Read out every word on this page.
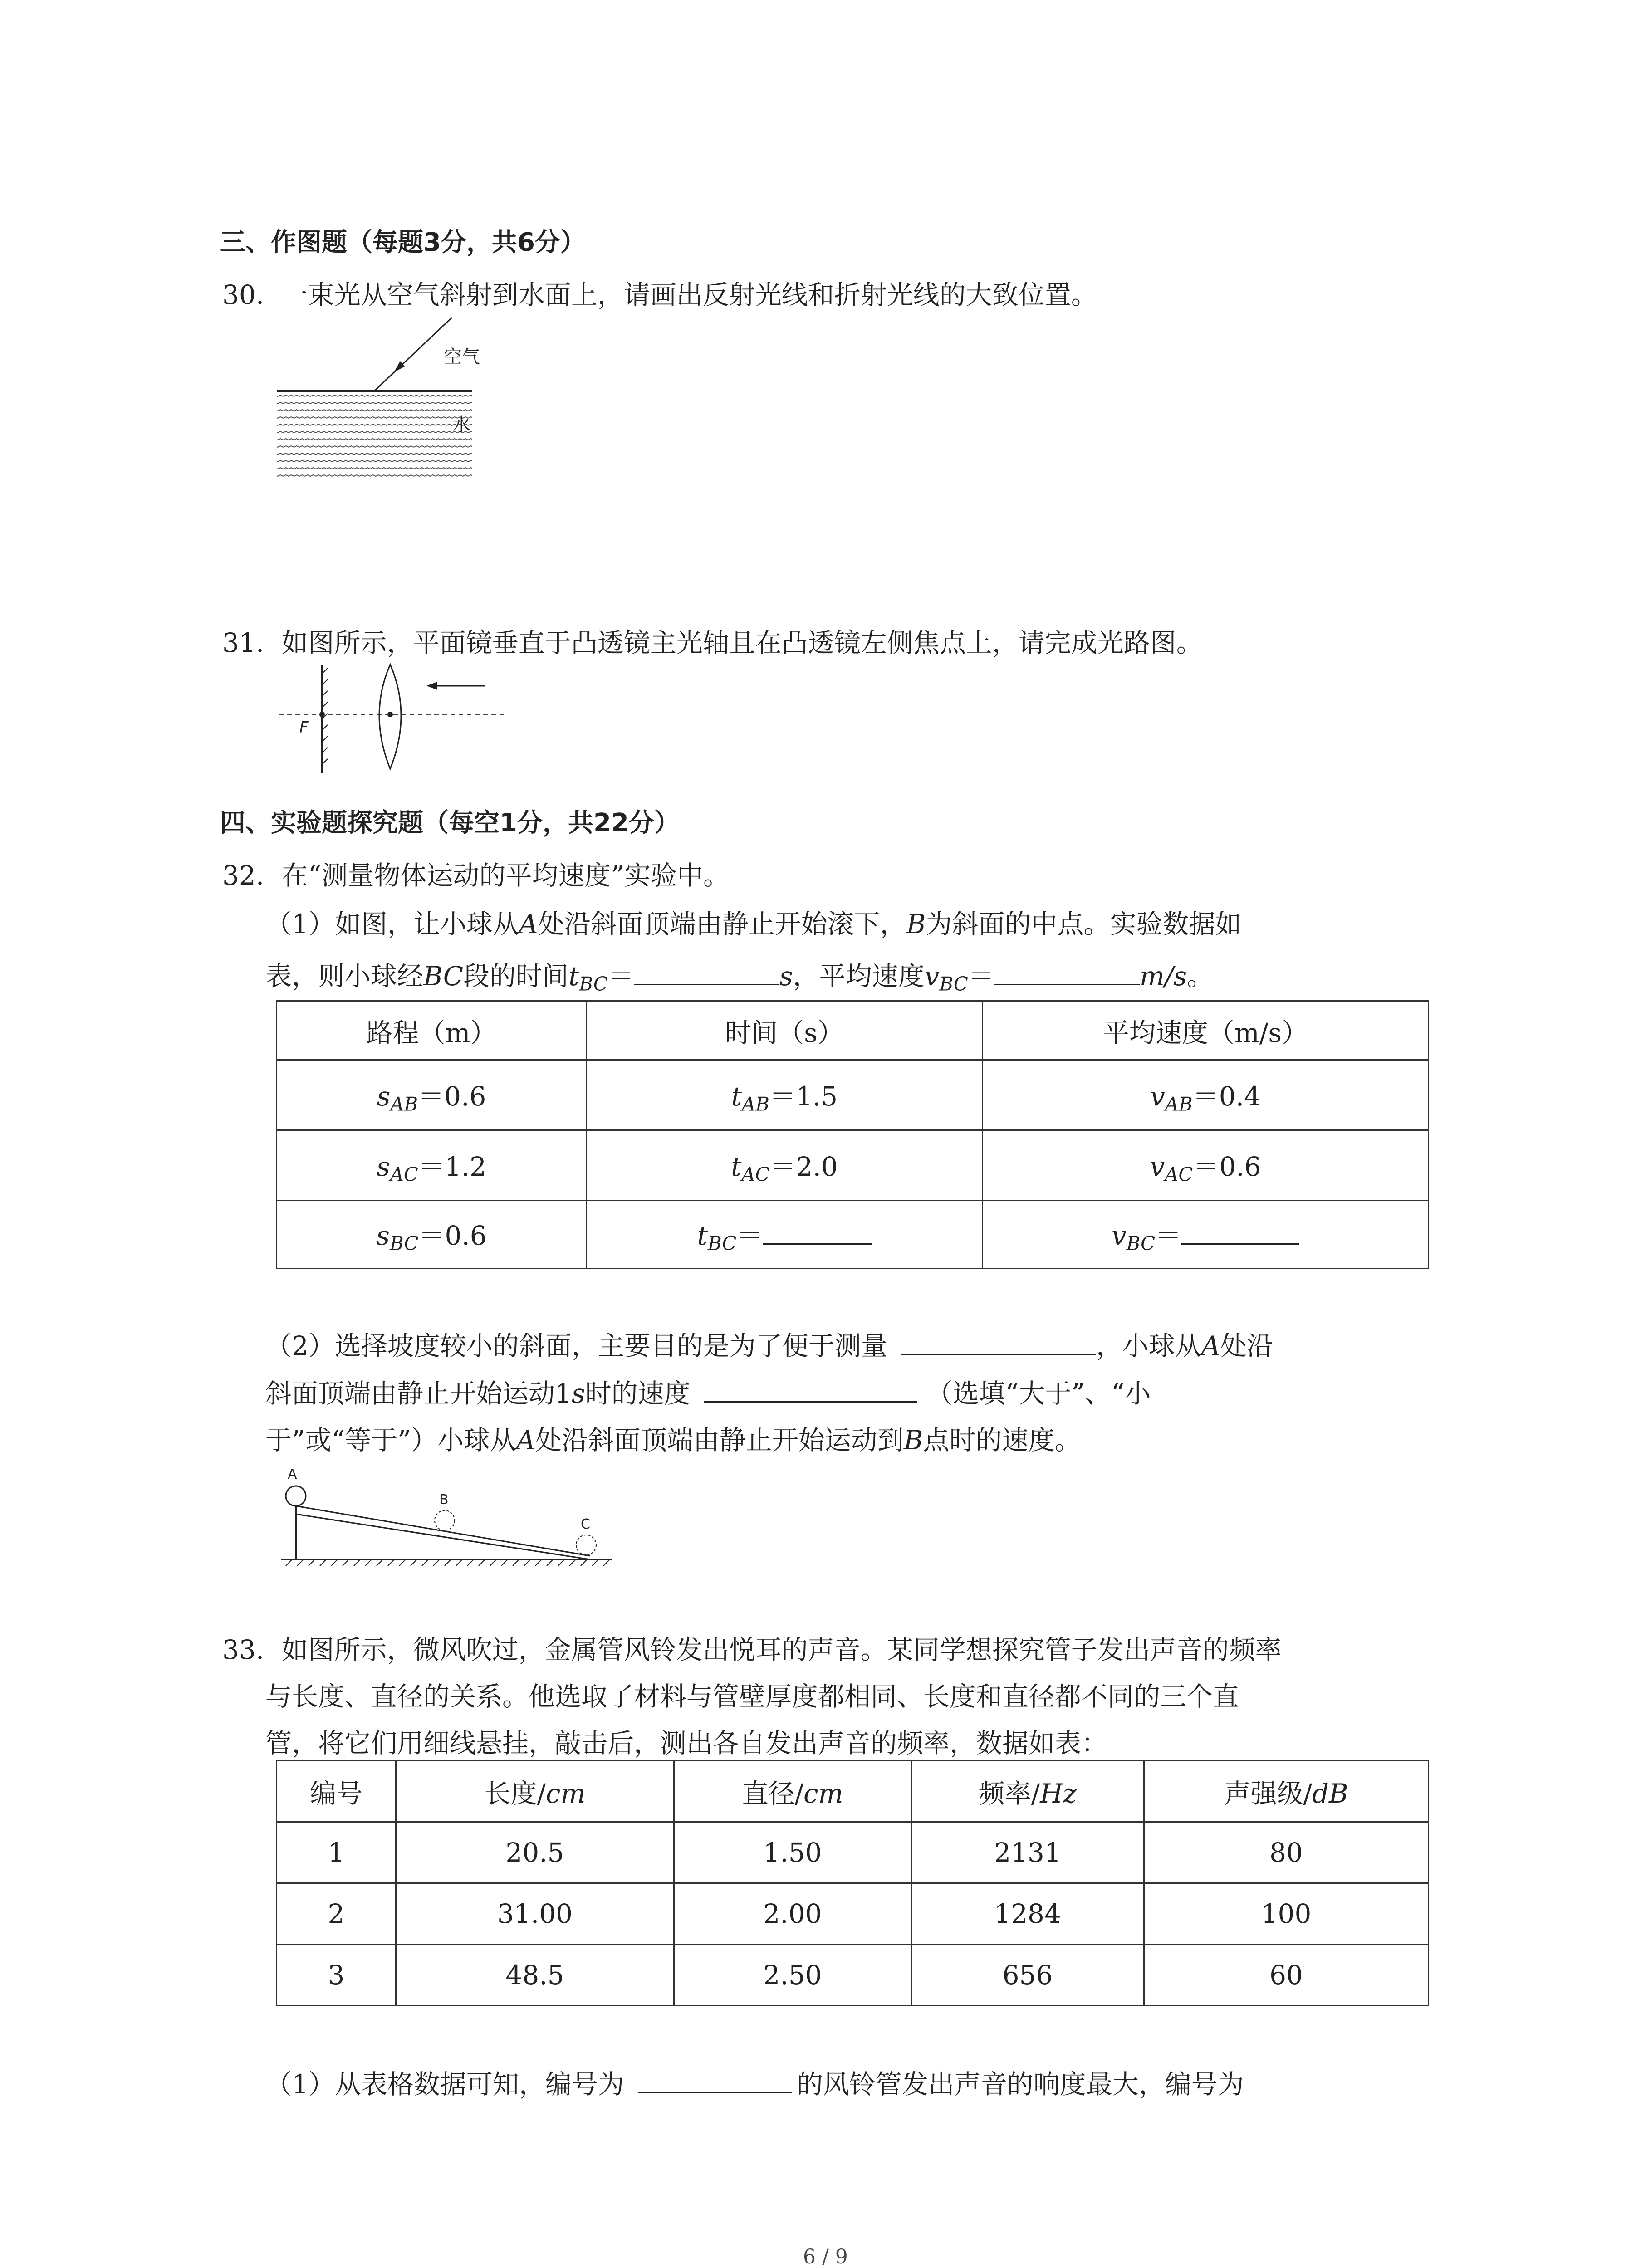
三、作图题（每题3分，共6分）
30. 一束光从空气斜射到水面上，请画出反射光线和折射光线的大致位置。
空气
水
31. 如图所示，平面镜垂直于凸透镜主光轴且在凸透镜左侧焦点上，请完成光路图。
F
四、实验题探究题（每空1分，共22分）
32. 在“测量物体运动的平均速度”实验中。
（1）如图，让小球从A处沿斜面顶端由静止开始滚下，B为斜面的中点。实验数据如
表，则小球经BC段的时间$t_{BC}=$	s，平均速度$v_{BC}=$	m/s。
路程（m）	时间（s）	平均速度（m/s）
$s_{AB}=0.6$	$t_{AB}=1.5$	$v_{AB}=0.4$
$s_{AC}=1.2$	$t_{AC}=2.0$	$v_{AC}=0.6$
$s_{BC}=0.6$	$t_{BC}=$	$v_{BC}=$
（2）选择坡度较小的斜面，主要目的是为了便于测量	，小球从A处沿
斜面顶端由静止开始运动1s时的速度	（选填“大于”、“小
于”或“等于”）小球从A处沿斜面顶端由静止开始运动到B点时的速度。
A
B
C
33. 如图所示，微风吹过，金属管风铃发出悦耳的声音。某同学想探究管子发出声音的频率
与长度、直径的关系。他选取了材料与管壁厚度都相同、长度和直径都不同的三个直
管，将它们用细线悬挂，敲击后，测出各自发出声音的频率，数据如表：
编号	长度/cm	直径/cm	频率/Hz	声强级/dB
1	20.5	1.50	2131	80
2	31.00	2.00	1284	100
3	48.5	2.50	656	60
（1）从表格数据可知，编号为	的风铃管发出声音的响度最大，编号为
6 / 9
